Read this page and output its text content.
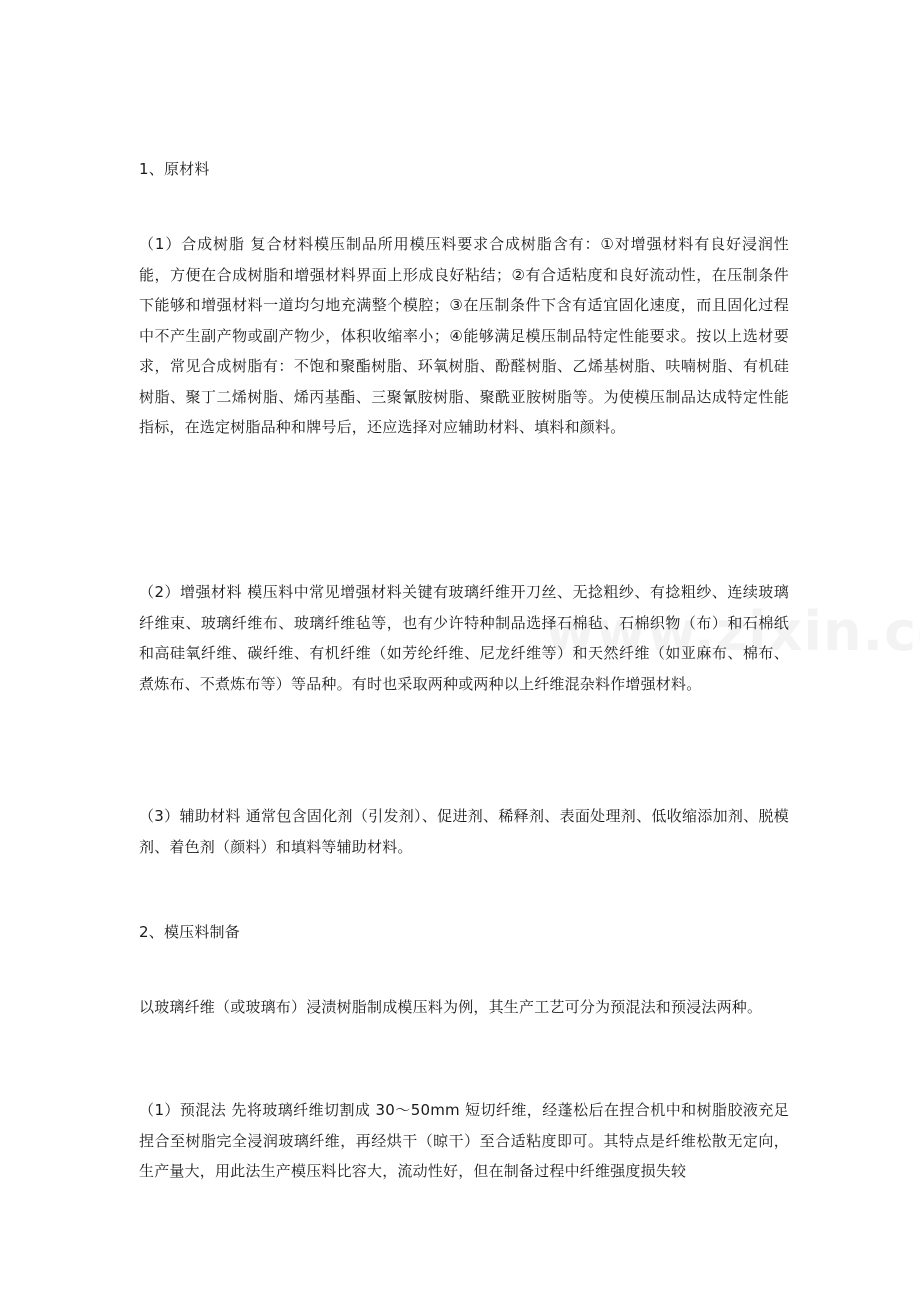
1、原材料

（1）合成树脂 复合材料模压制品所用模压料要求合成树脂含有：①对增强材料有良好浸润性能，方便在合成树脂和增强材料界面上形成良好粘结；②有合适粘度和良好流动性，在压制条件下能够和增强材料一道均匀地充满整个模腔；③在压制条件下含有适宜固化速度，而且固化过程中不产生副产物或副产物少，体积收缩率小；④能够满足模压制品特定性能要求。按以上选材要求，常见合成树脂有：不饱和聚酯树脂、环氧树脂、酚醛树脂、乙烯基树脂、呋喃树脂、有机硅树脂、聚丁二烯树脂、烯丙基酯、三聚氰胺树脂、聚酰亚胺树脂等。为使模压制品达成特定性能指标，在选定树脂品种和牌号后，还应选择对应辅助材料、填料和颜料。

（2）增强材料 模压料中常见增强材料关键有玻璃纤维开刀丝、无捻粗纱、有捻粗纱、连续玻璃纤维束、玻璃纤维布、玻璃纤维毡等，也有少许特种制品选择石棉毡、石棉织物（布）和石棉纸和高硅氧纤维、碳纤维、有机纤维（如芳纶纤维、尼龙纤维等）和天然纤维（如亚麻布、棉布、煮炼布、不煮炼布等）等品种。有时也采取两种或两种以上纤维混杂料作增强材料。

（3）辅助材料 通常包含固化剂（引发剂）、促进剂、稀释剂、表面处理剂、低收缩添加剂、脱模剂、着色剂（颜料）和填料等辅助材料。

2、模压料制备

以玻璃纤维（或玻璃布）浸渍树脂制成模压料为例，其生产工艺可分为预混法和预浸法两种。

（1）预混法 先将玻璃纤维切割成 30～50mm 短切纤维，经蓬松后在捏合机中和树脂胶液充足捏合至树脂完全浸润玻璃纤维，再经烘干（晾干）至合适粘度即可。其特点是纤维松散无定向，生产量大，用此法生产模压料比容大，流动性好，但在制备过程中纤维强度损失较
